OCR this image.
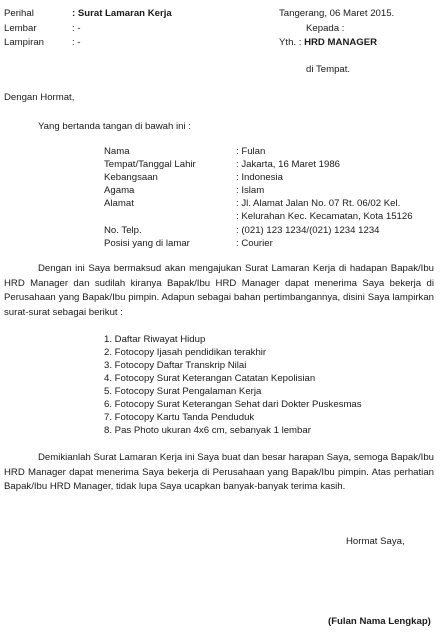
Perihal	: Surat Lamaran Kerja
Lembar	: -
Lampiran	: -
Tangerang, 06 Maret 2015.
Kepada :
Yth. : HRD MANAGER
di Tempat.
Dengan Hormat,
Yang bertanda tangan di bawah ini :
Nama	: Fulan
Tempat/Tanggal Lahir	: Jakarta, 16 Maret 1986
Kebangsaan	: Indonesia
Agama	: Islam
Alamat	: Jl. Alamat Jalan No. 07 Rt. 06/02 Kel.
: Kelurahan Kec. Kecamatan, Kota 15126
No. Telp.	: (021) 123 1234/(021) 1234 1234
Posisi yang di lamar	: Courier
Dengan ini Saya bermaksud akan mengajukan Surat Lamaran Kerja di hadapan Bapak/Ibu HRD Manager dan sudilah kiranya Bapak/Ibu HRD Manager dapat menerima Saya bekerja di Perusahaan yang Bapak/Ibu pimpin. Adapun sebagai bahan pertimbangannya, disini Saya lampirkan surat-surat sebagai berikut :
1. Daftar Riwayat Hidup
2. Fotocopy Ijasah pendidikan terakhir
3. Fotocopy Daftar Transkrip Nilai
4. Fotocopy Surat Keterangan Catatan Kepolisian
5. Fotocopy Surat Pengalaman Kerja
6. Fotocopy Surat Keterangan Sehat dari Dokter Puskesmas
7. Fotocopy Kartu Tanda Penduduk
8. Pas Photo ukuran 4x6 cm, sebanyak 1 lembar
Demikianlah Surat Lamaran Kerja ini Saya buat dan besar harapan Saya, semoga Bapak/Ibu HRD Manager dapat menerima Saya bekerja di Perusahaan yang Bapak/Ibu pimpin. Atas perhatian Bapak/Ibu HRD Manager, tidak lupa Saya ucapkan banyak-banyak terima kasih.
Hormat Saya,
(Fulan Nama Lengkap)
